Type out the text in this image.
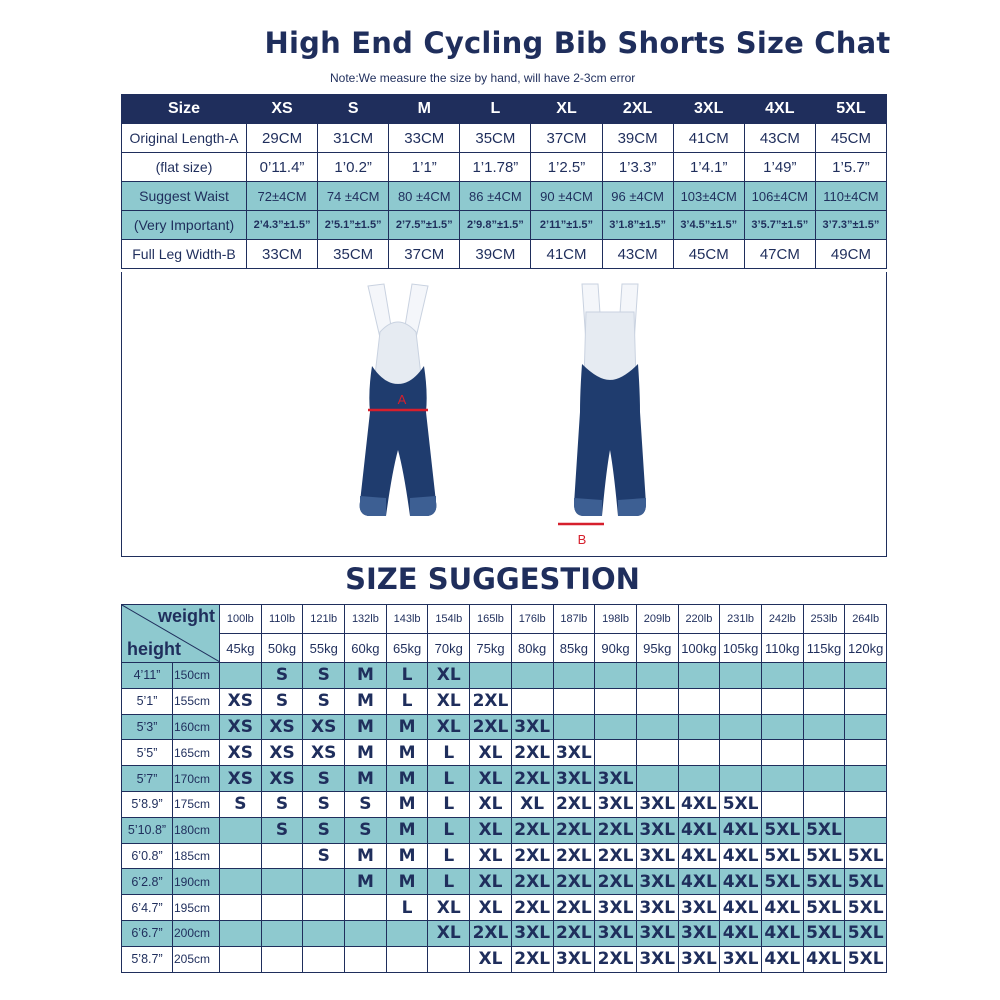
High End Cycling Bib Shorts Size Chat
Note:We measure the size by hand, will have 2-3cm error
Size	XS	S	M	L	XL	2XL	3XL	4XL	5XL
Original Length-A	29CM	31CM	33CM	35CM	37CM	39CM	41CM	43CM	45CM
(flat size)	0’11.4”	1’0.2”	1’1”	1’1.78”	1’2.5”	1’3.3”	1’4.1”	1’49”	1’5.7”
Suggest Waist	72±4CM	74 ±4CM	80 ±4CM	86 ±4CM	90 ±4CM	96 ±4CM	103±4CM	106±4CM	110±4CM
(Very Important)	2’4.3”±1.5”	2’5.1”±1.5”	2’7.5”±1.5”	2’9.8”±1.5”	2’11”±1.5”	3’1.8”±1.5”	3’4.5”±1.5”	3’5.7”±1.5”	3’7.3”±1.5”
Full Leg Width-B	33CM	35CM	37CM	39CM	41CM	43CM	45CM	47CM	49CM
A
B
SIZE SUGGESTION
weight
height		100lb	110lb	121lb	132lb	143lb	154lb	165lb	176lb	187lb	198lb	209lb	220lb	231lb	242lb	253lb	264lb
		45kg	50kg	55kg	60kg	65kg	70kg	75kg	80kg	85kg	90kg	95kg	100kg	105kg	110kg	115kg	120kg
4’11”	150cm		S	S	M	L	XL										
5’1”	155cm	XS	S	S	M	L	XL	2XL									
5’3”	160cm	XS	XS	XS	M	M	XL	2XL	3XL								
5’5”	165cm	XS	XS	XS	M	M	L	XL	2XL	3XL							
5’7”	170cm	XS	XS	S	M	M	L	XL	2XL	3XL	3XL						
5’8.9”	175cm	S	S	S	S	M	L	XL	XL	2XL	3XL	3XL	4XL	5XL			
5’10.8”	180cm		S	S	S	M	L	XL	2XL	2XL	2XL	3XL	4XL	4XL	5XL	5XL	
6’0.8”	185cm			S	M	M	L	XL	2XL	2XL	2XL	3XL	4XL	4XL	5XL	5XL	5XL
6’2.8”	190cm				M	M	L	XL	2XL	2XL	2XL	3XL	4XL	4XL	5XL	5XL	5XL
6’4.7”	195cm					L	XL	XL	2XL	2XL	3XL	3XL	3XL	4XL	4XL	5XL	5XL
6’6.7”	200cm						XL	2XL	3XL	2XL	3XL	3XL	3XL	4XL	4XL	5XL	5XL
5’8.7”	205cm							XL	2XL	3XL	2XL	3XL	3XL	3XL	4XL	4XL	5XL
